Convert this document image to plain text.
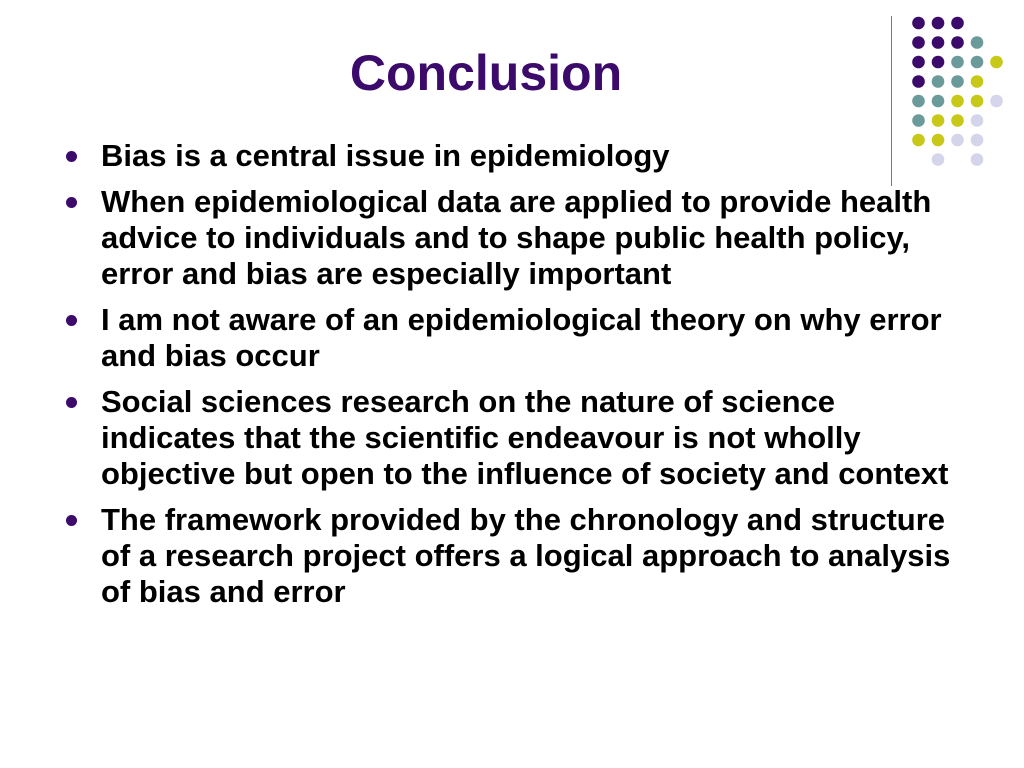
Conclusion
Bias is a central issue in epidemiology
When epidemiological data are applied to provide health advice to individuals and to shape public health policy, error and bias are especially important
I am not aware of an epidemiological theory on why error and bias occur
Social sciences research on the nature of science indicates that the scientific endeavour is not wholly objective but open to the influence of society and context
The framework provided by the chronology and structure of a research project offers a logical approach to analysis of bias and error
